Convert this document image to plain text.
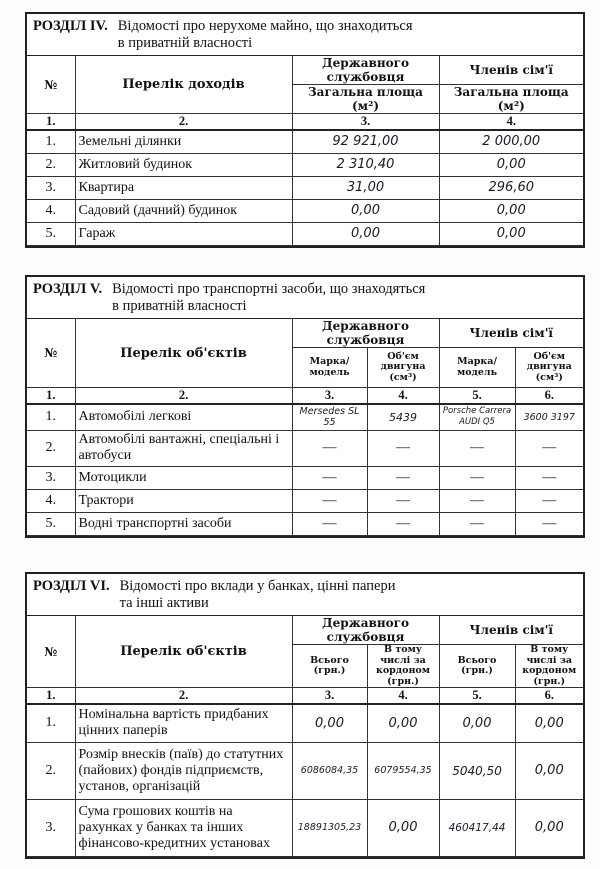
РОЗДІЛ IV. Відомості про нерухоме майно, що знаходиться
в приватній власності
№	Перелік доходів	Державного службовця	Членів сім'ї
		Загальна площа (м²)	Загальна площа (м²)
1.	2.	3.	4.
1.	Земельні ділянки	92 921,00	2 000,00
2.	Житловий будинок	2 310,40	0,00
3.	Квартира	31,00	296,60
4.	Садовий (дачний) будинок	0,00	0,00
5.	Гараж	0,00	0,00
РОЗДІЛ V. Відомості про транспортні засоби, що знаходяться
в приватній власності
№	Перелік об'єктів	Державного службовця		Членів сім'ї	
		Марка/ модель	Об'єм двигуна (см³)	Марка/ модель	Об'єм двигуна (см³)
1.	2.	3.	4.	5.	6.
1.	Автомобілі легкові	Mersedes SL 55	5439	Porsche Carrera AUDI Q5	3600 3197
2.	Автомобілі вантажні, спеціальні і автобуси	—	—	—	—
3.	Мотоцикли	—	—	—	—
4.	Трактори	—	—	—	—
5.	Водні транспортні засоби	—	—	—	—
РОЗДІЛ VI. Відомості про вклади у банках, цінні папери
та інші активи
№	Перелік об'єктів	Державного службовця		Членів сім'ї	
		Всього (грн.)	В тому числі за кордоном (грн.)	Всього (грн.)	В тому числі за кордоном (грн.)
1.	2.	3.	4.	5.	6.
1.	Номінальна вартість придбаних цінних паперів	0,00	0,00	0,00	0,00
2.	Розмір внесків (паїв) до статутних (пайових) фондів підприємств, установ, організацій	6086084,35	6079554,35	5040,50	0,00
3.	Сума грошових коштів на рахунках у банках та інших фінансово-кредитних установах	18891305,23	0,00	460417,44	0,00
